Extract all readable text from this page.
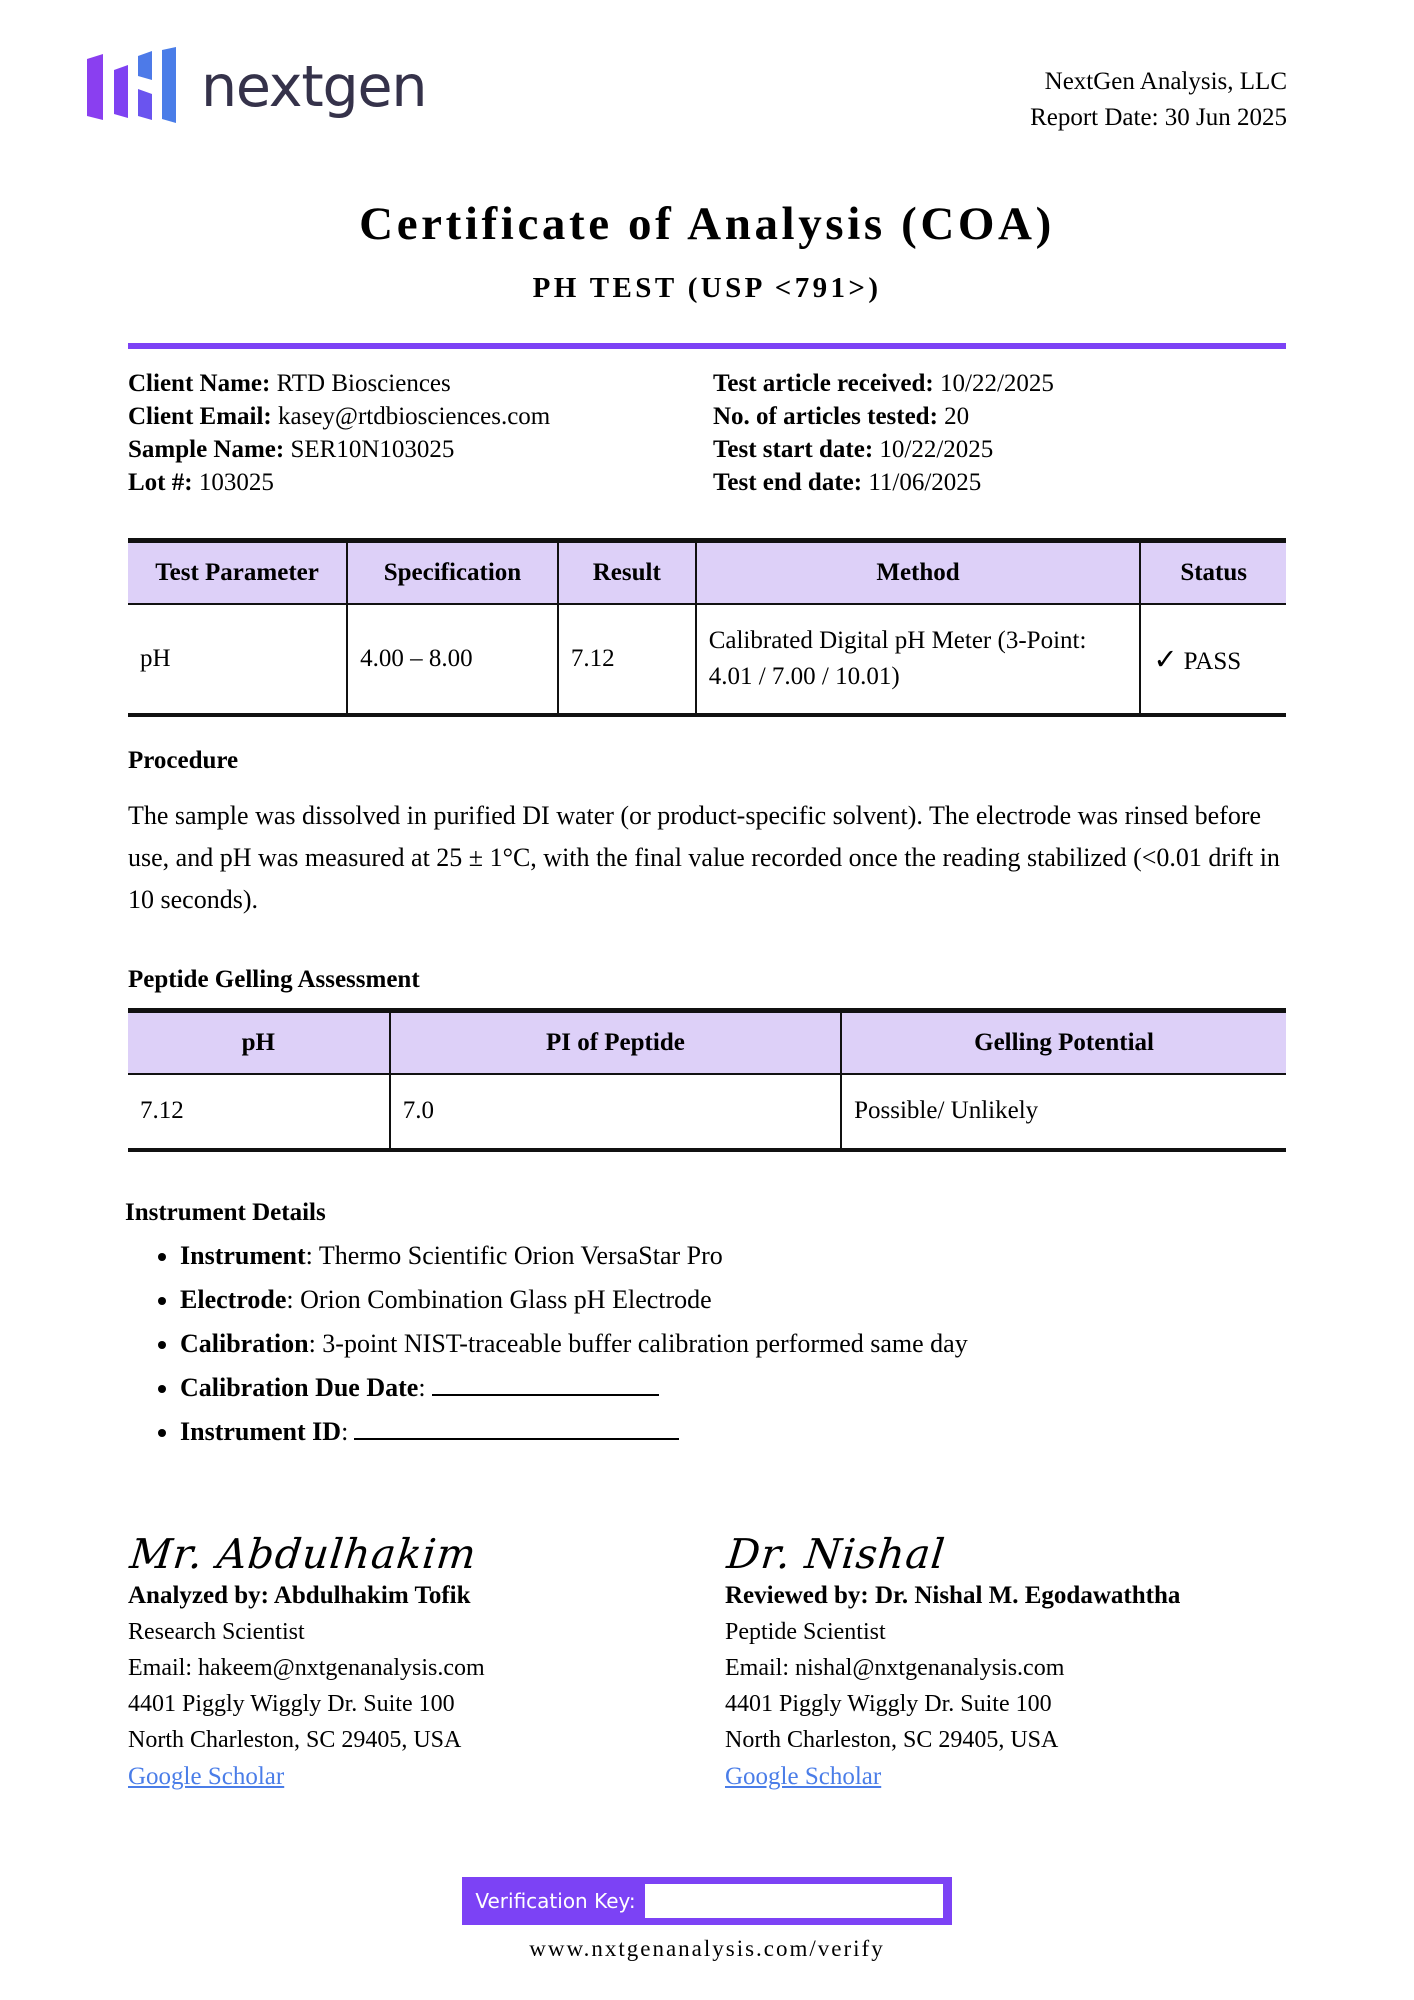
nextgen	NextGen Analysis, LLC
Report Date: 30 Jun 2025
Certificate of Analysis (COA)
PH TEST (USP <791>)
Client Name: RTD Biosciences
Client Email: kasey@rtdbiosciences.com
Sample Name: SER10N103025
Lot #: 103025
Test article received: 10/22/2025
No. of articles tested: 20
Test start date: 10/22/2025
Test end date: 11/06/2025
Test Parameter	Specification	Result	Method	Status
pH	4.00 – 8.00	7.12	Calibrated Digital pH Meter (3-Point: 4.01 / 7.00 / 10.01)	✓ PASS
Procedure

The sample was dissolved in purified DI water (or product-specific solvent). The electrode was rinsed before use, and pH was measured at 25 ± 1°C, with the final value recorded once the reading stabilized (<0.01 drift in 10 seconds).

Peptide Gelling Assessment
pH	PI of Peptide	Gelling Potential
7.12	7.0	Possible/ Unlikely
Instrument Details
• Instrument: Thermo Scientific Orion VersaStar Pro
• Electrode: Orion Combination Glass pH Electrode
• Calibration: 3-point NIST-traceable buffer calibration performed same day
• Calibration Due Date:
• Instrument ID:
Mr. Abdulhakim
Analyzed by: Abdulhakim Tofik
Research Scientist
Email: hakeem@nxtgenanalysis.com
4401 Piggly Wiggly Dr. Suite 100
North Charleston, SC 29405, USA
Google Scholar
Dr. Nishal
Reviewed by: Dr. Nishal M. Egodawaththa
Peptide Scientist
Email: nishal@nxtgenanalysis.com
4401 Piggly Wiggly Dr. Suite 100
North Charleston, SC 29405, USA
Google Scholar
Verification Key:
www.nxtgenanalysis.com/verify
